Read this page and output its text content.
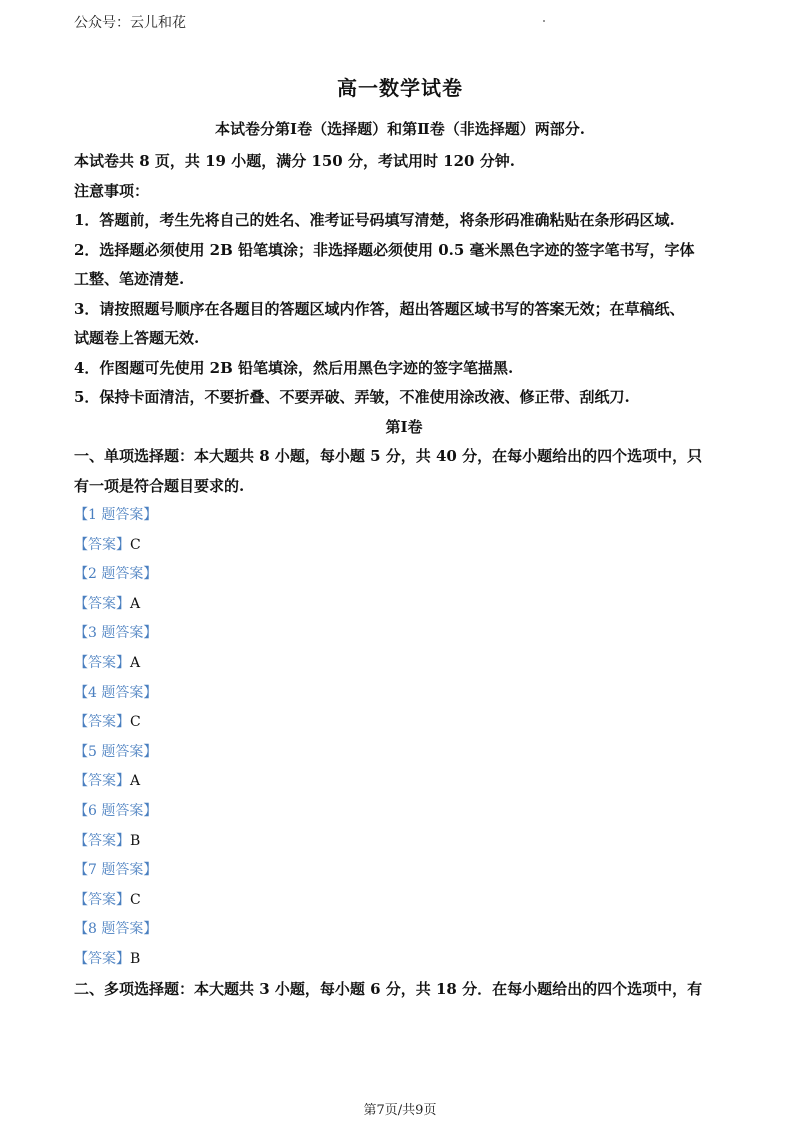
公众号：云儿和花
高一数学试卷
本试卷分第Ⅰ卷（选择题）和第Ⅱ卷（非选择题）两部分.
本试卷共 8 页，共 19 小题，满分 150 分，考试用时 120 分钟.
注意事项：
1．答题前，考生先将自己的姓名、准考证号码填写清楚，将条形码准确粘贴在条形码区域.
2．选择题必须使用 2B 铅笔填涂；非选择题必须使用 0.5 毫米黑色字迹的签字笔书写，字体
工整、笔迹清楚.
3．请按照题号顺序在各题目的答题区域内作答，超出答题区域书写的答案无效；在草稿纸、
试题卷上答题无效.
4．作图题可先使用 2B 铅笔填涂，然后用黑色字迹的签字笔描黑.
5．保持卡面清洁，不要折叠、不要弄破、弄皱，不准使用涂改液、修正带、刮纸刀.
第Ⅰ卷
一、单项选择题：本大题共 8 小题，每小题 5 分，共 40 分，在每小题给出的四个选项中，只
有一项是符合题目要求的.
【1 题答案】
【答案】C
【2 题答案】
【答案】A
【3 题答案】
【答案】A
【4 题答案】
【答案】C
【5 题答案】
【答案】A
【6 题答案】
【答案】B
【7 题答案】
【答案】C
【8 题答案】
【答案】B
二、多项选择题：本大题共 3 小题，每小题 6 分，共 18 分．在每小题给出的四个选项中，有
第7页/共9页
